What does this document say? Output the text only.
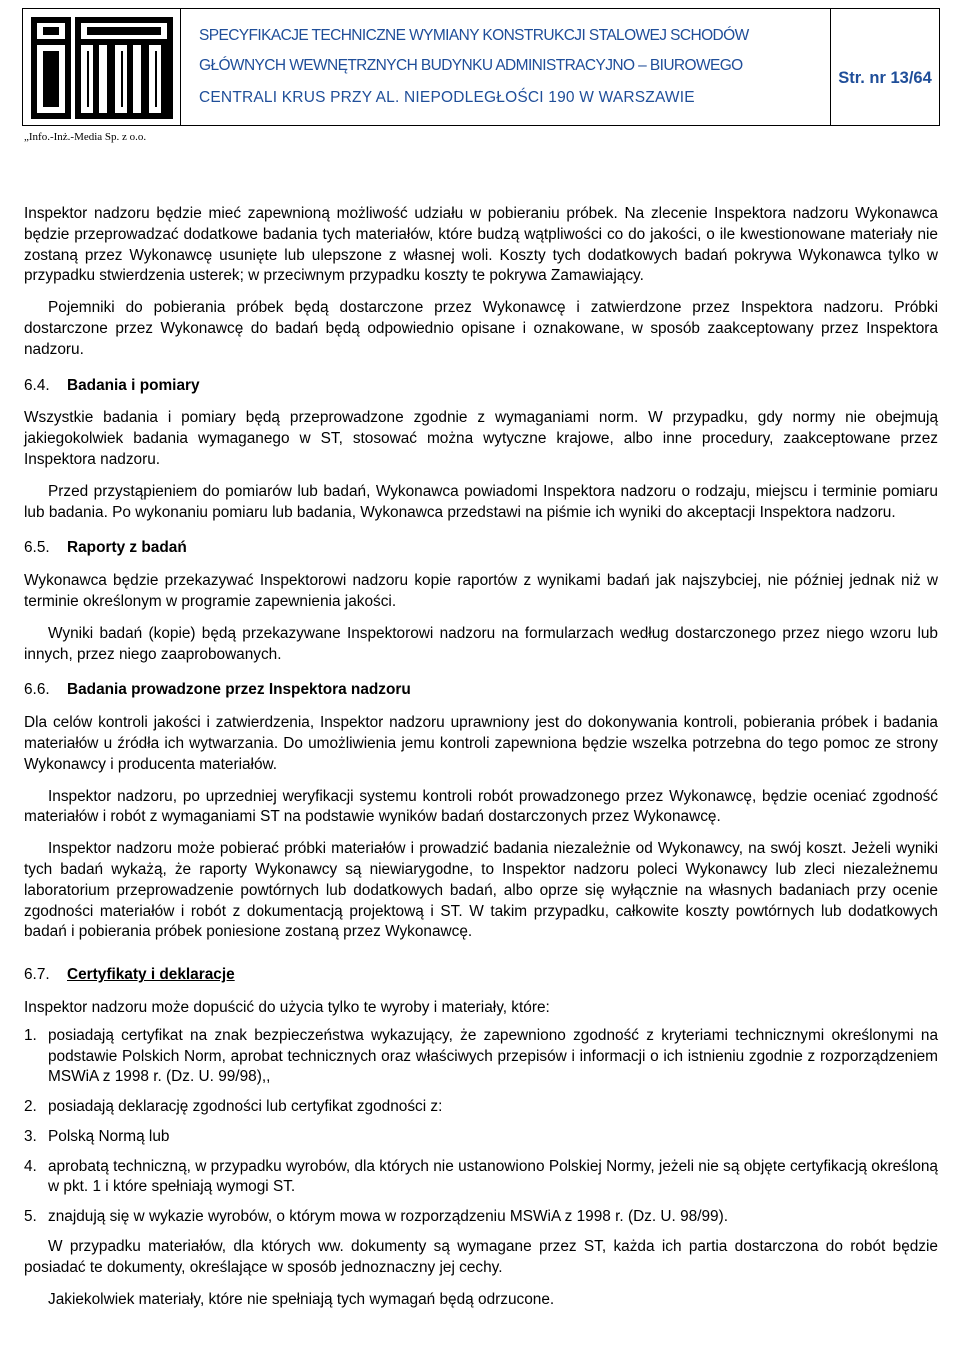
SPECYFIKACJE TECHNICZNE WYMIANY KONSTRUKCJI STALOWEJ SCHODÓW
GŁÓWNYCH WEWNĘTRZNYCH BUDYNKU ADMINISTRACYJNO – BIUROWEGO
CENTRALI KRUS PRZY AL. NIEPODLEGŁOŚCI 190 W WARSZAWIE
Str. nr 13/64
„Info.-Inż.-Media Sp. z o.o.

Inspektor nadzoru będzie mieć zapewnioną możliwość udziału w pobieraniu próbek. Na zlecenie Inspektora nadzoru Wykonawca będzie przeprowadzać dodatkowe badania tych materiałów, które budzą wątpliwości co do jakości, o ile kwestionowane materiały nie zostaną przez Wykonawcę usunięte lub ulepszone z własnej woli. Koszty tych dodatkowych badań pokrywa Wykonawca tylko w przypadku stwierdzenia usterek; w przeciwnym przypadku koszty te pokrywa Zamawiający.

Pojemniki do pobierania próbek będą dostarczone przez Wykonawcę i zatwierdzone przez Inspektora nadzoru. Próbki dostarczone przez Wykonawcę do badań będą odpowiednio opisane i oznakowane, w sposób zaakceptowany przez Inspektora nadzoru.

6.4. Badania i pomiary

Wszystkie badania i pomiary będą przeprowadzone zgodnie z wymaganiami norm. W przypadku, gdy normy nie obejmują jakiegokolwiek badania wymaganego w ST, stosować można wytyczne krajowe, albo inne procedury, zaakceptowane przez Inspektora nadzoru.

Przed przystąpieniem do pomiarów lub badań, Wykonawca powiadomi Inspektora nadzoru o rodzaju, miejscu i terminie pomiaru lub badania. Po wykonaniu pomiaru lub badania, Wykonawca przedstawi na piśmie ich wyniki do akceptacji Inspektora nadzoru.

6.5. Raporty z badań

Wykonawca będzie przekazywać Inspektorowi nadzoru kopie raportów z wynikami badań jak najszybciej, nie później jednak niż w terminie określonym w programie zapewnienia jakości.

Wyniki badań (kopie) będą przekazywane Inspektorowi nadzoru na formularzach według dostarczonego przez niego wzoru lub innych, przez niego zaaprobowanych.

6.6. Badania prowadzone przez Inspektora nadzoru

Dla celów kontroli jakości i zatwierdzenia, Inspektor nadzoru uprawniony jest do dokonywania kontroli, pobierania próbek i badania materiałów u źródła ich wytwarzania. Do umożliwienia jemu kontroli zapewniona będzie wszelka potrzebna do tego pomoc ze strony Wykonawcy i producenta materiałów.

Inspektor nadzoru, po uprzedniej weryfikacji systemu kontroli robót prowadzonego przez Wykonawcę, będzie oceniać zgodność materiałów i robót z wymaganiami ST na podstawie wyników badań dostarczonych przez Wykonawcę.

Inspektor nadzoru może pobierać próbki materiałów i prowadzić badania niezależnie od Wykonawcy, na swój koszt. Jeżeli wyniki tych badań wykażą, że raporty Wykonawcy są niewiarygodne, to Inspektor nadzoru poleci Wykonawcy lub zleci niezależnemu laboratorium przeprowadzenie powtórnych lub dodatkowych badań, albo oprze się wyłącznie na własnych badaniach przy ocenie zgodności materiałów i robót z dokumentacją projektową i ST. W takim przypadku, całkowite koszty powtórnych lub dodatkowych badań i pobierania próbek poniesione zostaną przez Wykonawcę.

6.7. Certyfikaty i deklaracje

Inspektor nadzoru może dopuścić do użycia tylko te wyroby i materiały, które:

1. posiadają certyfikat na znak bezpieczeństwa wykazujący, że zapewniono zgodność z kryteriami technicznymi określonymi na podstawie Polskich Norm, aprobat technicznych oraz właściwych przepisów i informacji o ich istnieniu zgodnie z rozporządzeniem MSWiA z 1998 r. (Dz. U. 99/98),,
2. posiadają deklarację zgodności lub certyfikat zgodności z:
3. Polską Normą lub
4. aprobatą techniczną, w przypadku wyrobów, dla których nie ustanowiono Polskiej Normy, jeżeli nie są objęte certyfikacją określoną w pkt. 1 i które spełniają wymogi ST.
5. znajdują się w wykazie wyrobów, o którym mowa w rozporządzeniu MSWiA z 1998 r. (Dz. U. 98/99).

W przypadku materiałów, dla których ww. dokumenty są wymagane przez ST, każda ich partia dostarczona do robót będzie posiadać te dokumenty, określające w sposób jednoznaczny jej cechy.

Jakiekolwiek materiały, które nie spełniają tych wymagań będą odrzucone.
